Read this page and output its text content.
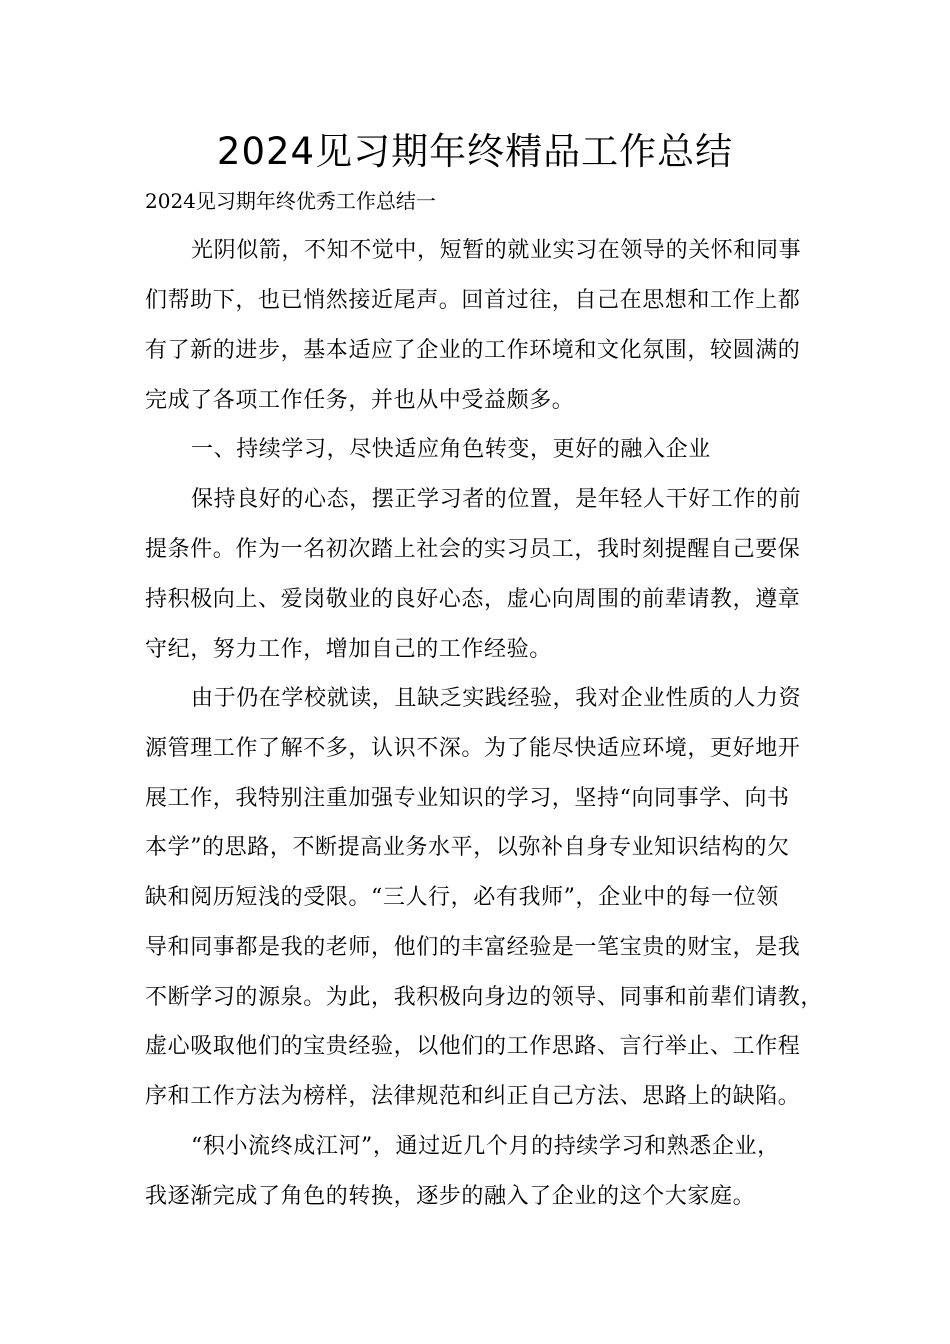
2024见习期年终精品工作总结
2024见习期年终优秀工作总结一
光阴似箭，不知不觉中，短暂的就业实习在领导的关怀和同事
们帮助下，也已悄然接近尾声。回首过往，自己在思想和工作上都
有了新的进步，基本适应了企业的工作环境和文化氛围，较圆满的
完成了各项工作任务，并也从中受益颇多。
一、持续学习，尽快适应角色转变，更好的融入企业
保持良好的心态，摆正学习者的位置，是年轻人干好工作的前
提条件。作为一名初次踏上社会的实习员工，我时刻提醒自己要保
持积极向上、爱岗敬业的良好心态，虚心向周围的前辈请教，遵章
守纪，努力工作，增加自己的工作经验。
由于仍在学校就读，且缺乏实践经验，我对企业性质的人力资
源管理工作了解不多，认识不深。为了能尽快适应环境，更好地开
展工作，我特别注重加强专业知识的学习，坚持“向同事学、向书
本学”的思路，不断提高业务水平，以弥补自身专业知识结构的欠
缺和阅历短浅的受限。“三人行，必有我师”，企业中的每一位领
导和同事都是我的老师，他们的丰富经验是一笔宝贵的财宝，是我
不断学习的源泉。为此，我积极向身边的领导、同事和前辈们请教，
虚心吸取他们的宝贵经验，以他们的工作思路、言行举止、工作程
序和工作方法为榜样，法律规范和纠正自己方法、思路上的缺陷。
“积小流终成江河”，通过近几个月的持续学习和熟悉企业，
我逐渐完成了角色的转换，逐步的融入了企业的这个大家庭。
